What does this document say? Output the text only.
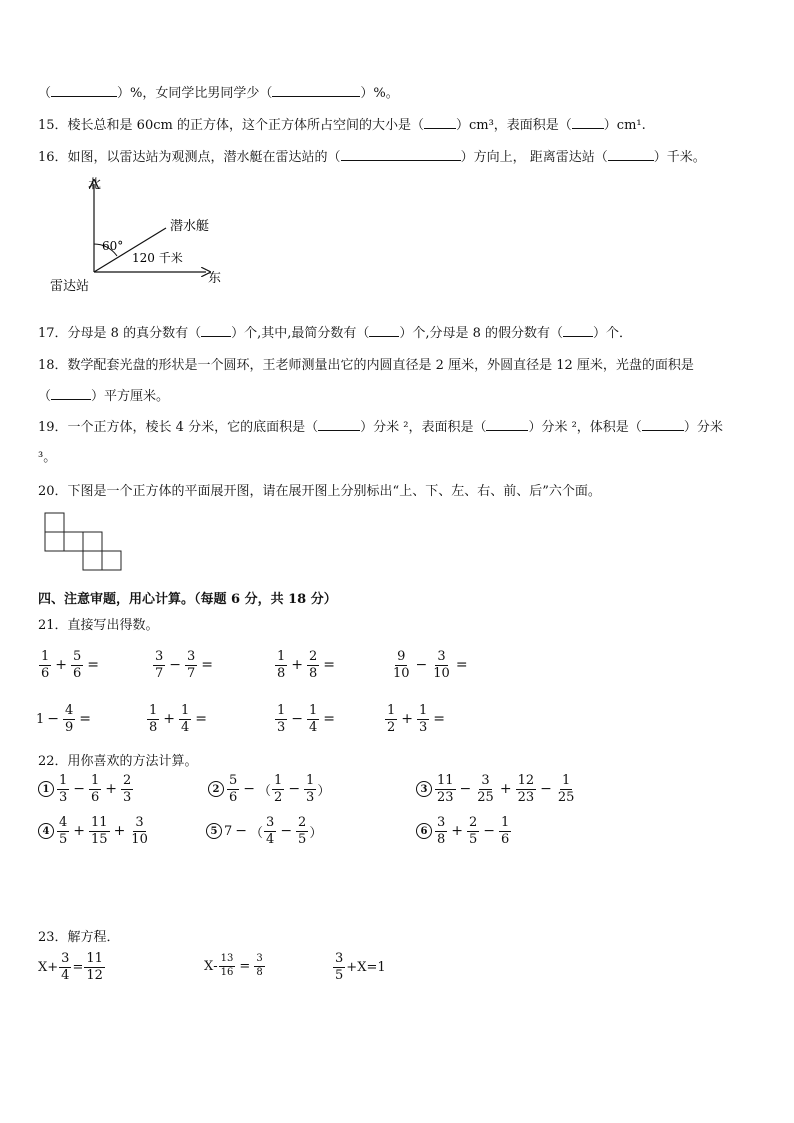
（	）%，女同学比男同学少（	）%。
15．棱长总和是 60cm 的正方体，这个正方体所占空间的大小是（ ）cm³，表面积是（ ）cm¹.
16．如图，以雷达站为观测点，潜水艇在雷达站的（	）方向上， 距离雷达站（	）千米。
北
东
雷达站
潜水艇
60°
120 千米
17．分母是 8 的真分数有（ ）个,其中,最简分数有（ ）个,分母是 8 的假分数有（ ）个．
18．数学配套光盘的形状是一个圆环，王老师测量出它的内圆直径是 2 厘米，外圆直径是 12 厘米，光盘的面积是
（	）平方厘米。
19．一个正方体，棱长 4 分米，它的底面积是（	）分米 ²，表面积是（	）分米 ²，体积是（	）分米
³。
20．下图是一个正方体的平面展开图，请在展开图上分别标出“上、下、左、右、前、后”六个面。
四、注意审题，用心计算。（每题 6 分，共 18 分）
21．直接写出得数。
$\frac{1}{6} + \frac{5}{6}$ =	$\frac{3}{7} - \frac{3}{7}$ =	$\frac{1}{8} + \frac{2}{8}$ =	$\frac{9}{10} - \frac{3}{10}$ =
$1 - \frac{4}{9}$ =	$\frac{1}{8} + \frac{1}{4}$ =	$\frac{1}{3} - \frac{1}{4}$ =	$\frac{1}{2} + \frac{1}{3}$ =
22．用你喜欢的方法计算。
$1 \frac{1}{3} - \frac{1}{6} + \frac{2}{3}$	$2 \frac{5}{6}$ − （ $\frac{1}{2} - \frac{1}{3}$ ）	$3 \frac{11}{23} - \frac{3}{25} + \frac{12}{23} - \frac{1}{25}$
$4 \frac{4}{5} + \frac{11}{15} + \frac{3}{10}$	5 7 − （ $\frac{3}{4} - \frac{2}{5}$ ）	$6 \frac{3}{8} + \frac{2}{5} - \frac{1}{6}$
23．解方程．
$X + \frac{3}{4} = \frac{11}{12}$	$X - \frac{13}{16} = \frac{3}{8}$	$\frac{3}{5} + X = 1$
